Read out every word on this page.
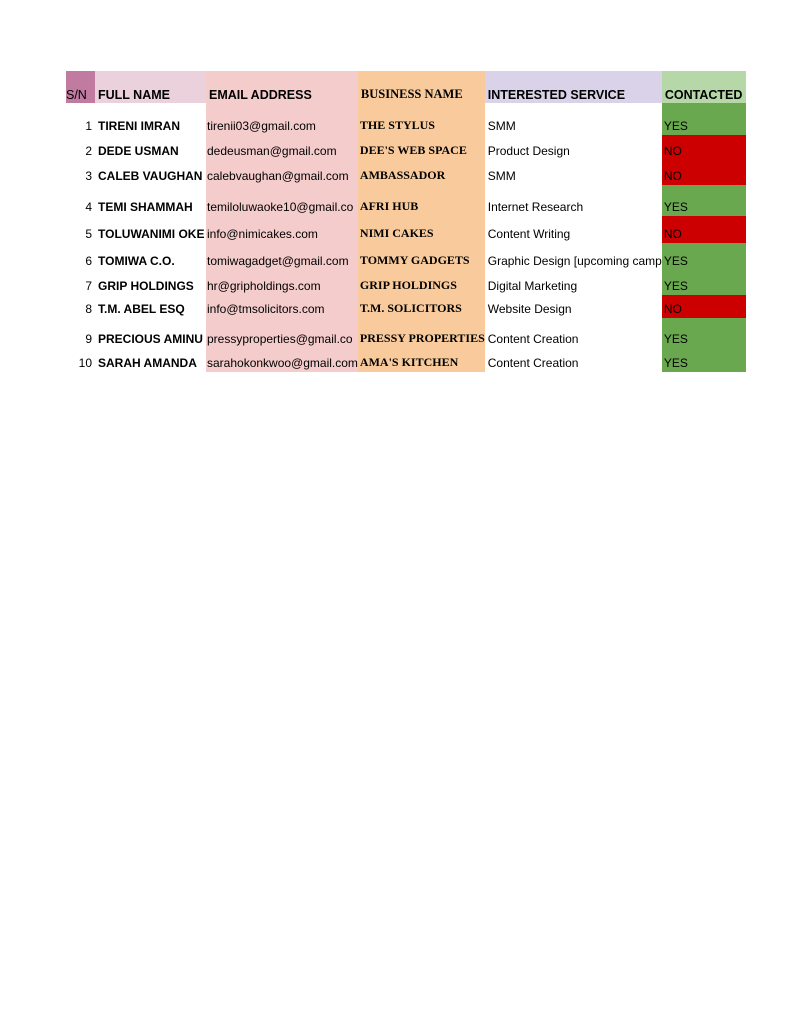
S/N	FULL NAME	EMAIL ADDRESS	BUSINESS NAME	INTERESTED SERVICE	CONTACTED

1	TIRENI IMRAN	tirenii03@gmail.com	THE STYLUS	SMM	YES
2	DEDE USMAN	dedeusman@gmail.com	DEE'S WEB SPACE	Product Design	NO
3	CALEB VAUGHAN	calebvaughan@gmail.com	AMBASSADOR	SMM	NO
4	TEMI SHAMMAH	temiloluwaoke10@gmail.co	AFRI HUB	Internet Research	YES
5	TOLUWANIMI OKE	info@nimicakes.com	NIMI CAKES	Content Writing	NO
6	TOMIWA C.O.	tomiwagadget@gmail.com	TOMMY GADGETS	Graphic Design [upcoming camp	YES
7	GRIP HOLDINGS	hr@gripholdings.com	GRIP HOLDINGS	Digital Marketing	YES
8	T.M. ABEL ESQ	info@tmsolicitors.com	T.M. SOLICITORS	Website Design	NO
9	PRECIOUS AMINU	pressyproperties@gmail.co	PRESSY PROPERTIES	Content Creation	YES
10	SARAH AMANDA	sarahokonkwoo@gmail.com	AMA'S KITCHEN	Content Creation	YES
